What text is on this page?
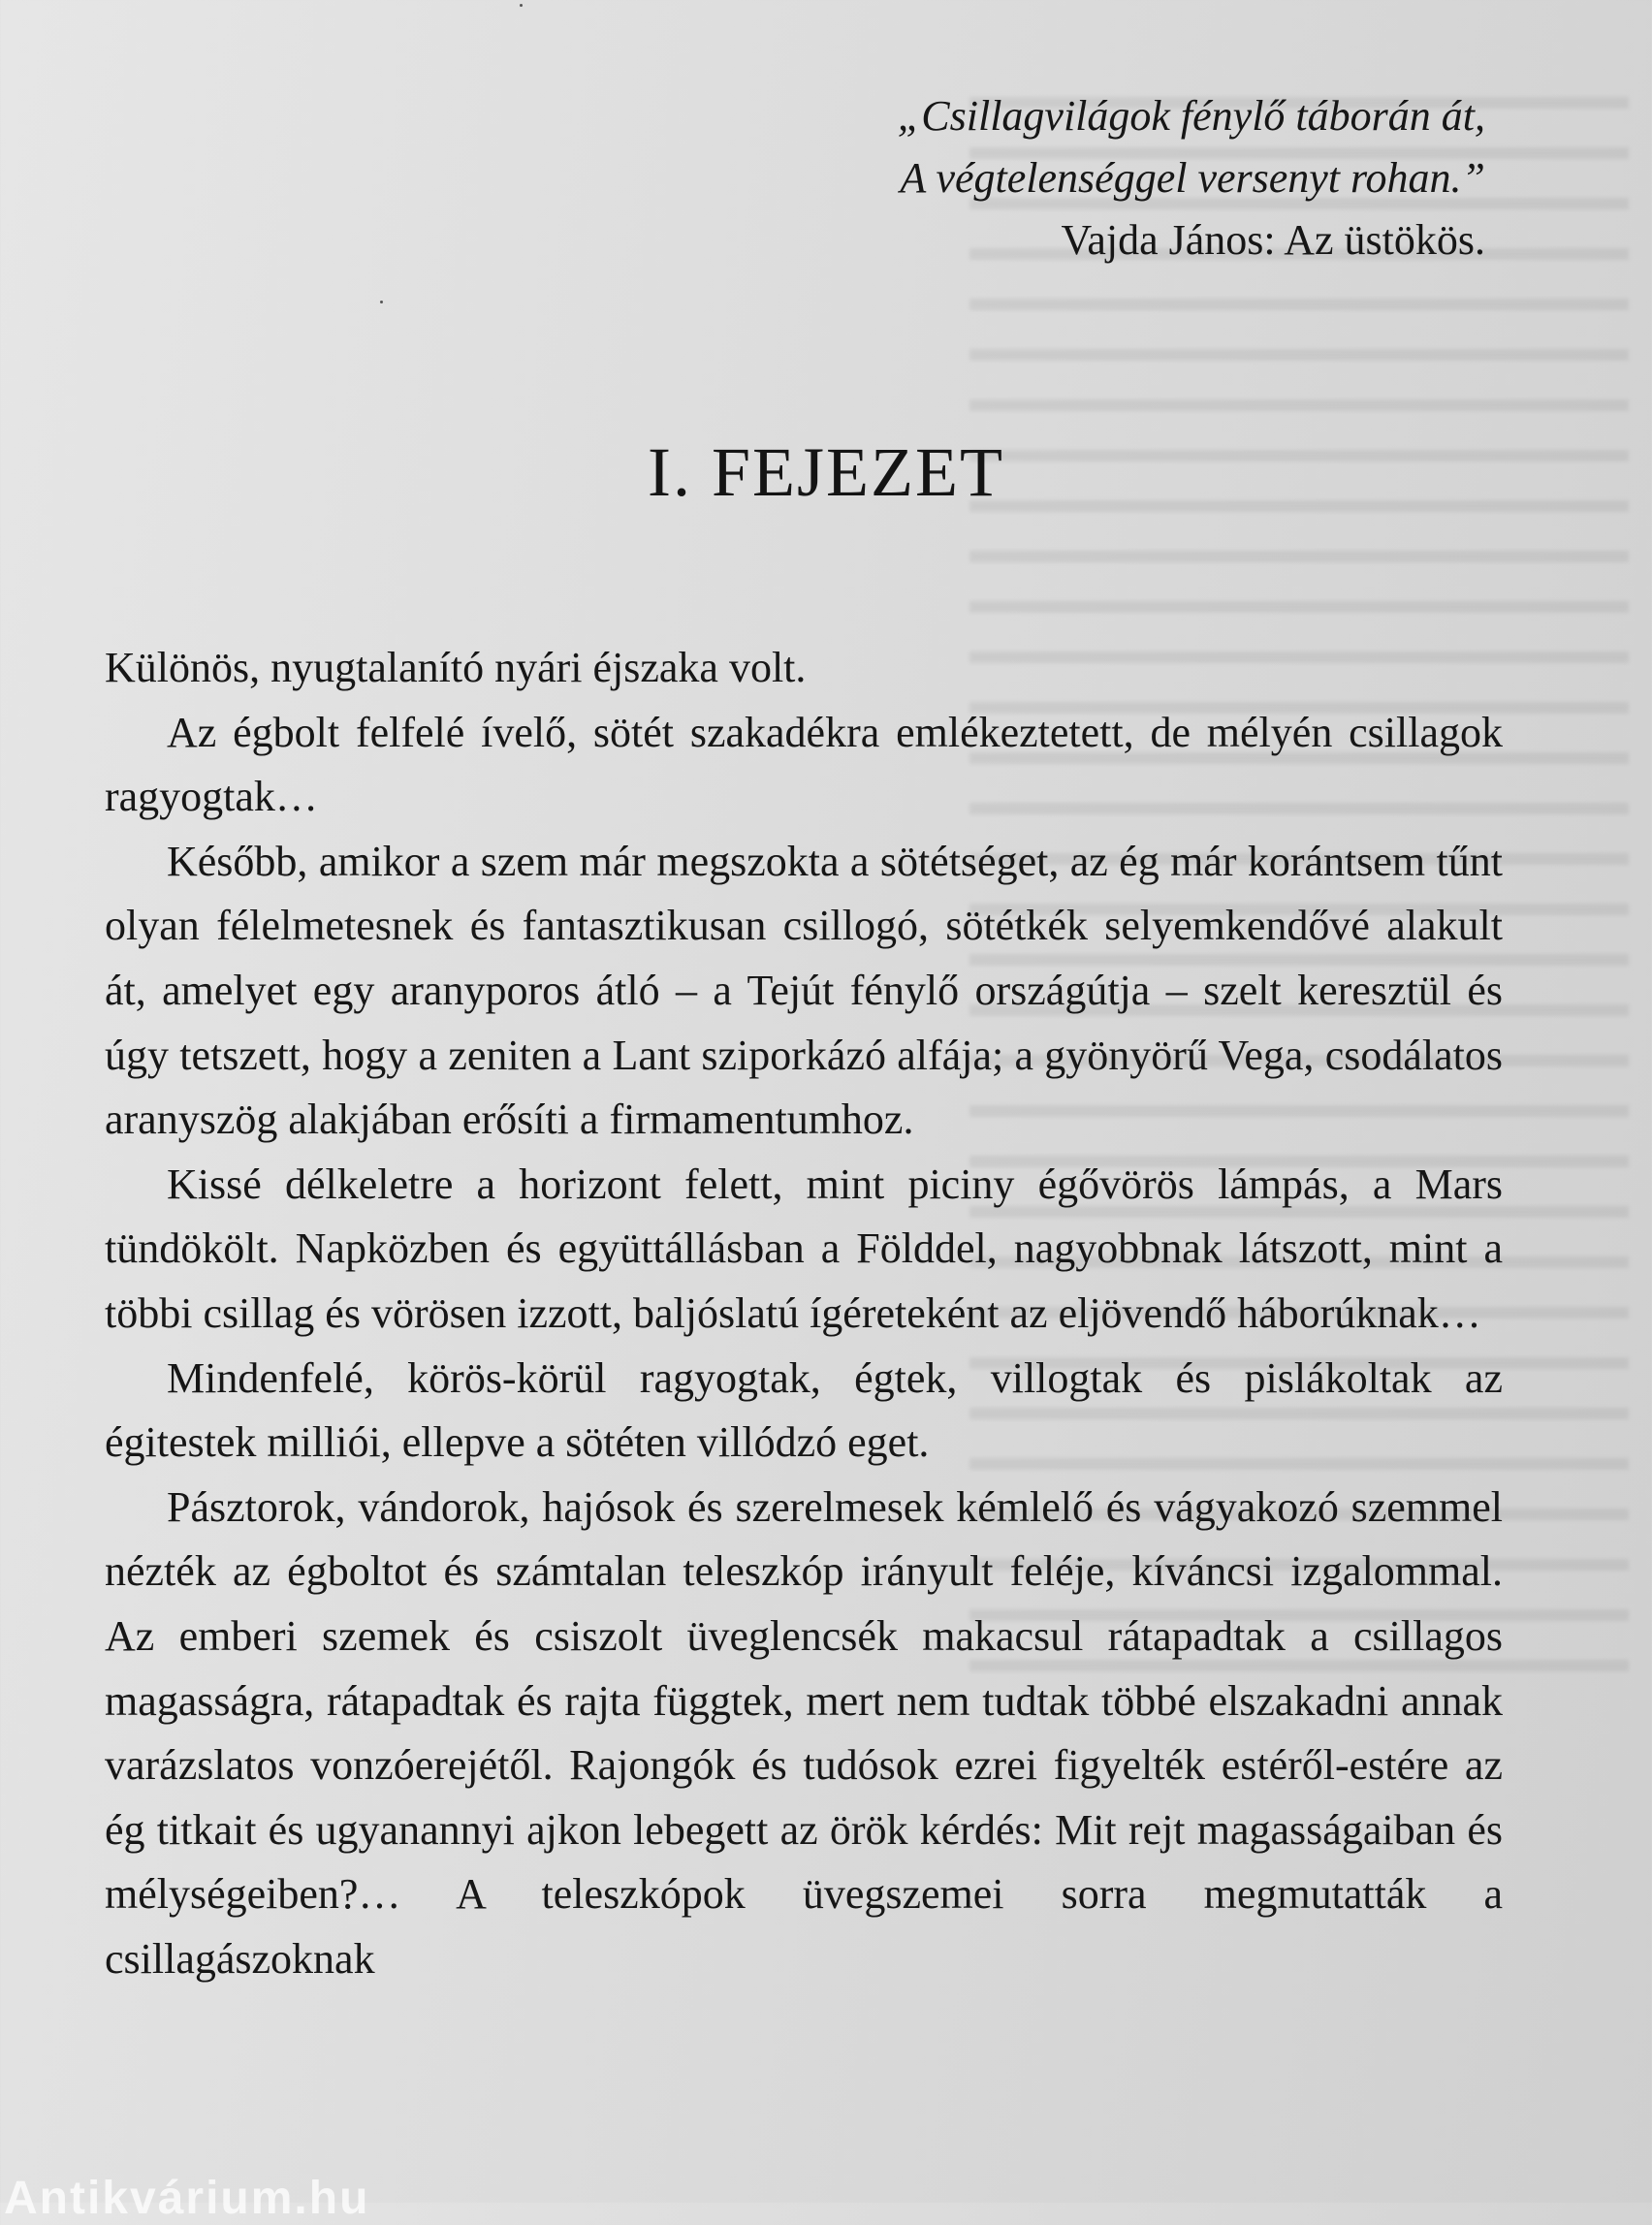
„Csillagvilágok fénylő táborán át,
A végtelenséggel versenyt rohan.”
Vajda János: Az üstökös.
I. FEJEZET

Különös, nyugtalanító nyári éjszaka volt.

Az égbolt felfelé ívelő, sötét szakadékra emlékeztetett, de mélyén csillagok ragyogtak…

Később, amikor a szem már megszokta a sötétséget, az ég már korántsem tűnt olyan félelmetesnek és fantasztikusan csillogó, sötétkék selyemkendővé alakult át, amelyet egy aranyporos átló – a Tejút fénylő országútja – szelt keresztül és úgy tetszett, hogy a zeniten a Lant sziporkázó alfája; a gyönyörű Vega, csodálatos aranyszög alakjában erősíti a firmamentumhoz.

Kissé délkeletre a horizont felett, mint piciny égővörös lámpás, a Mars tündökölt. Napközben és együttállásban a Földdel, nagyobbnak látszott, mint a többi csillag és vörösen izzott, baljóslatú ígéreteként az eljövendő háborúknak…

Mindenfelé, körös-körül ragyogtak, égtek, villogtak és pislákoltak az égitestek milliói, ellepve a sötéten villódzó eget.

Pásztorok, vándorok, hajósok és szerelmesek kémlelő és vágyakozó szemmel nézték az égboltot és számtalan teleszkóp irányult feléje, kíváncsi izgalommal. Az emberi szemek és csiszolt üveglencsék makacsul rátapadtak a csillagos magasságra, rátapadtak és rajta függtek, mert nem tudtak többé elszakadni annak varázslatos vonzóerejétől. Rajongók és tudósok ezrei figyelték estéről-estére az ég titkait és ugyanannyi ajkon lebegett az örök kérdés: Mit rejt magasságaiban és mélységeiben?… A teleszkópok üvegszemei sorra megmutatták a csillagászoknak

Antikvárium.hu
